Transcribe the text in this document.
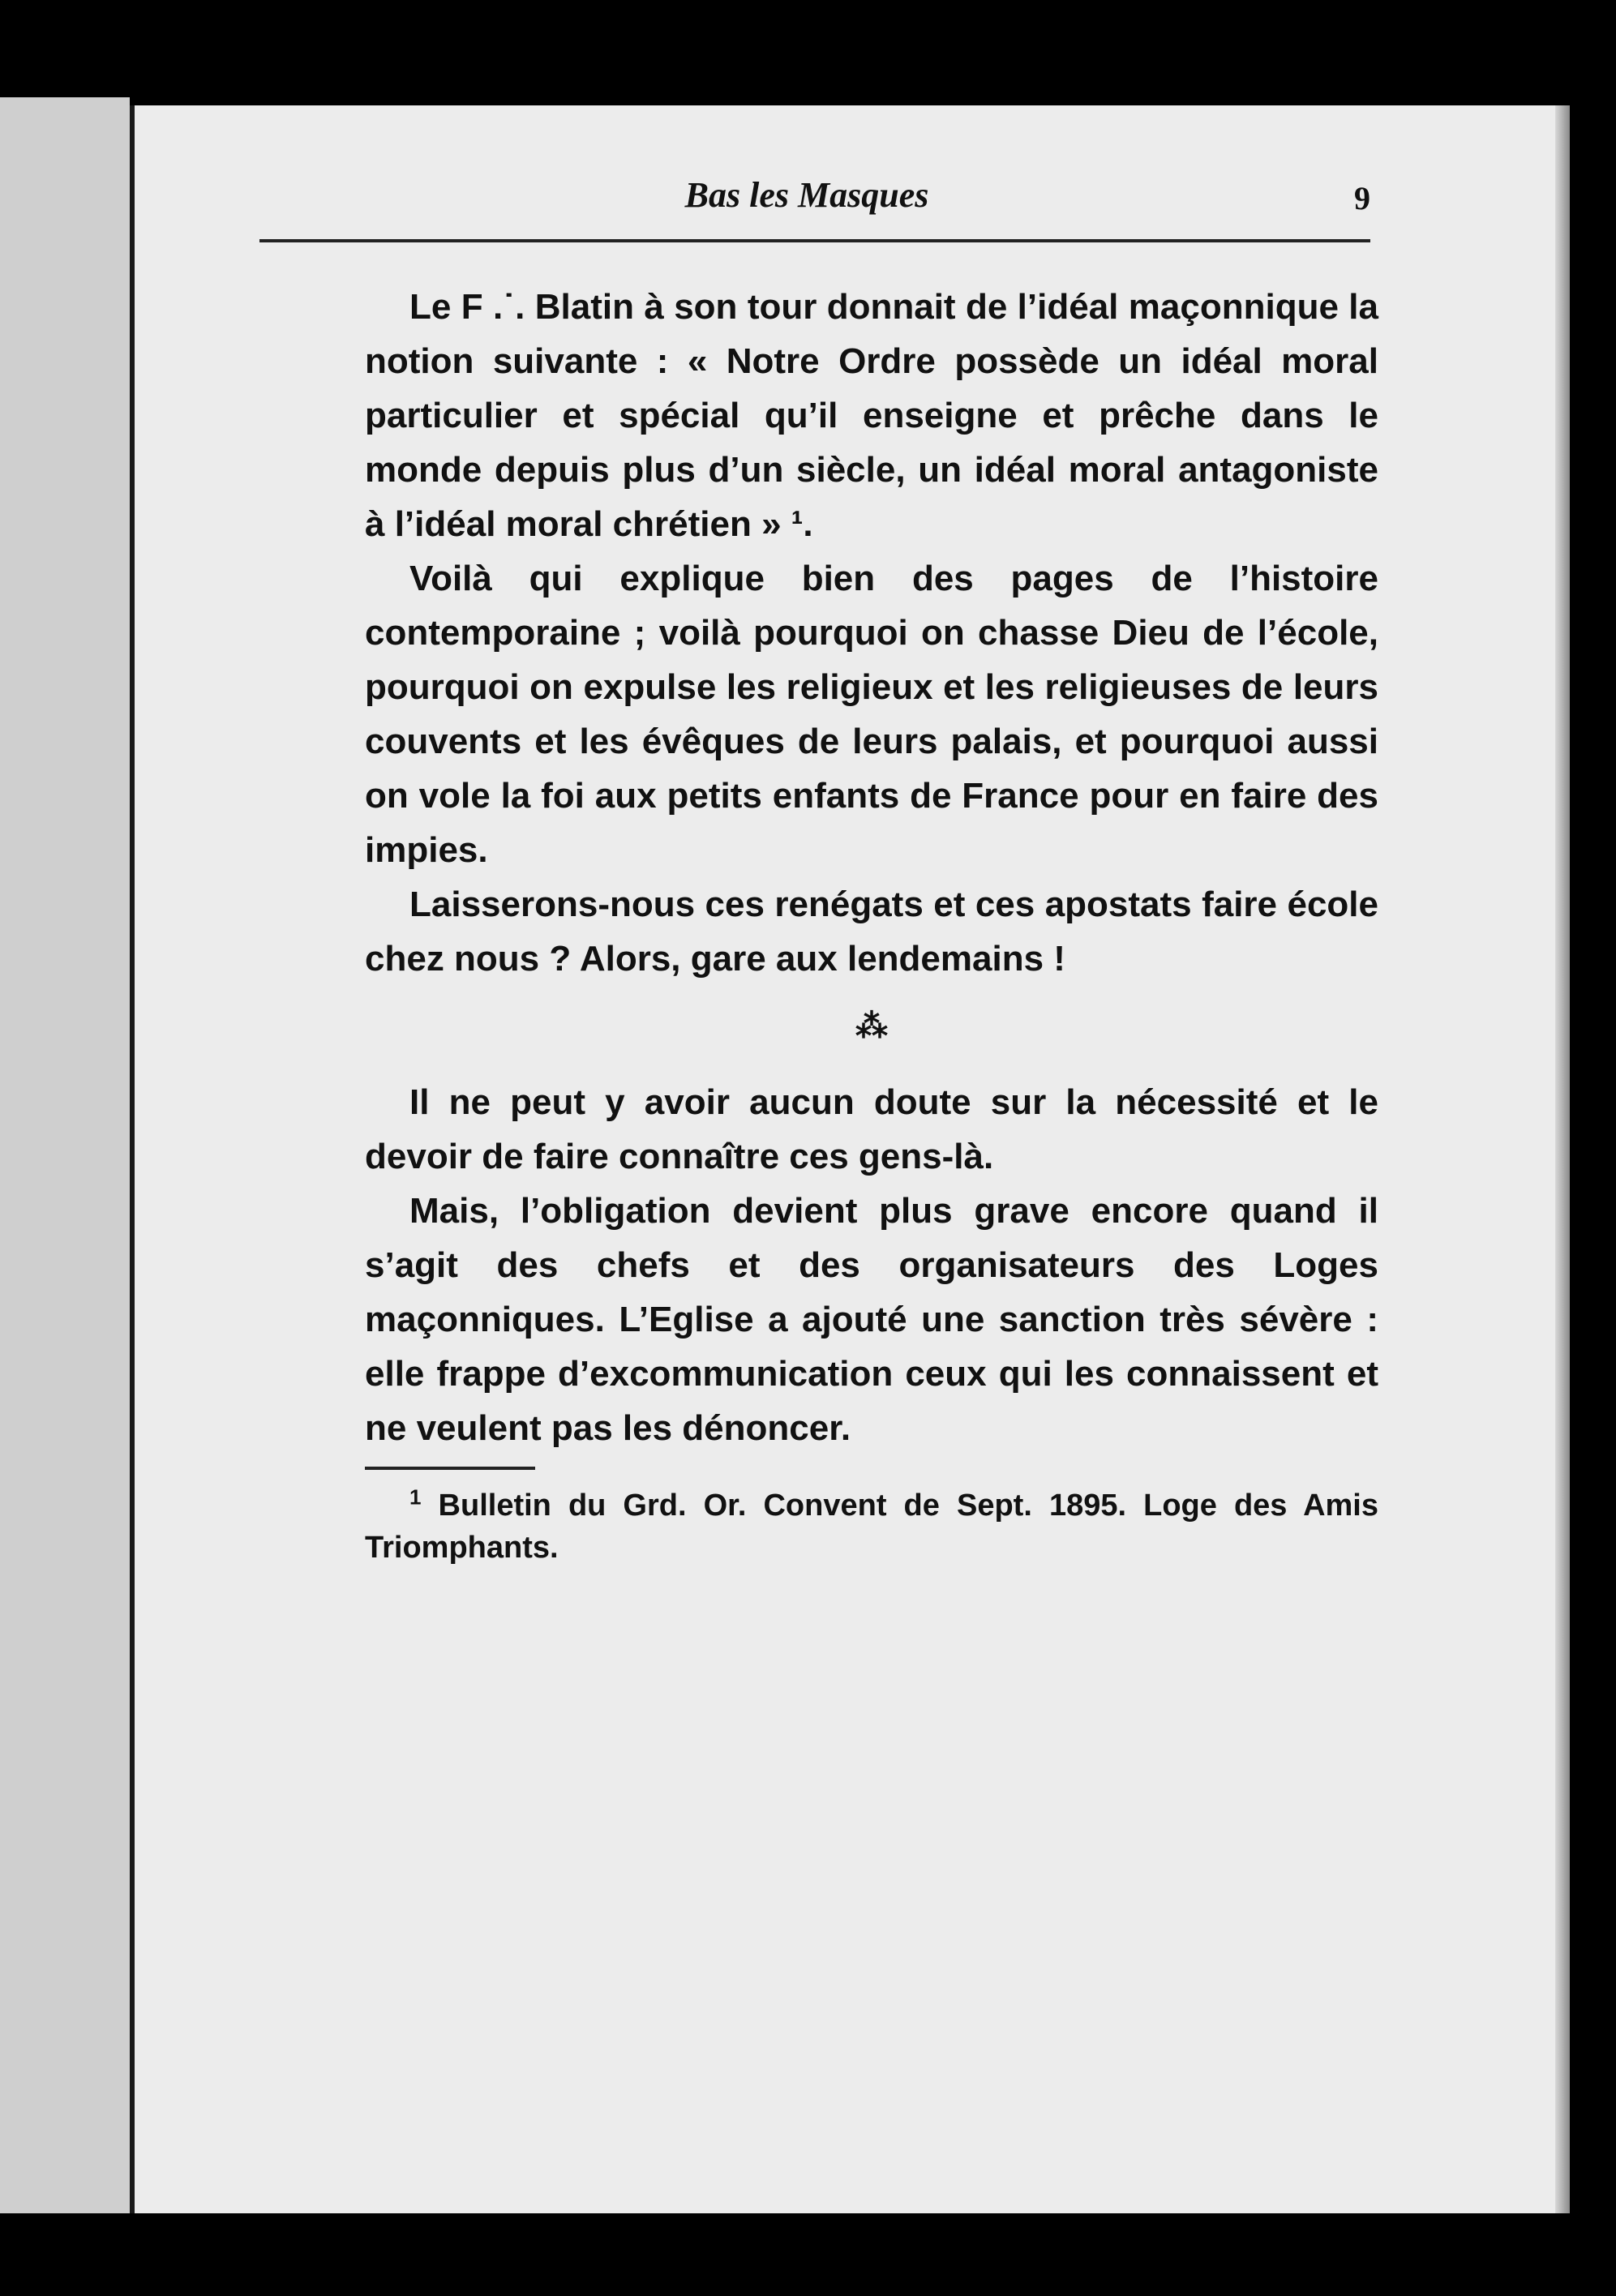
Bas les Masques	9

Le F .˙. Blatin à son tour donnait de l’idéal maçonnique la notion suivante : « Notre Ordre possède un idéal moral particulier et spécial qu’il enseigne et prêche dans le monde depuis plus d’un siècle, un idéal moral antagoniste à l’idéal moral chrétien » ¹.

Voilà qui explique bien des pages de l’histoire contemporaine ; voilà pourquoi on chasse Dieu de l’école, pourquoi on expulse les religieux et les religieuses de leurs couvents et les évêques de leurs palais, et pourquoi aussi on vole la foi aux petits enfants de France pour en faire des impies.

Laisserons-nous ces renégats et ces apostats faire école chez nous ? Alors, gare aux lendemains !

⁂

Il ne peut y avoir aucun doute sur la nécessité et le devoir de faire connaître ces gens-là.

Mais, l’obligation devient plus grave encore quand il s’agit des chefs et des organisateurs des Loges maçonniques. L’Eglise a ajouté une sanction très sévère : elle frappe d’excommunication ceux qui les connaissent et ne veulent pas les dénoncer.

$^1$ Bulletin du Grd. Or. Convent de Sept. 1895. Loge des Amis Triomphants.
